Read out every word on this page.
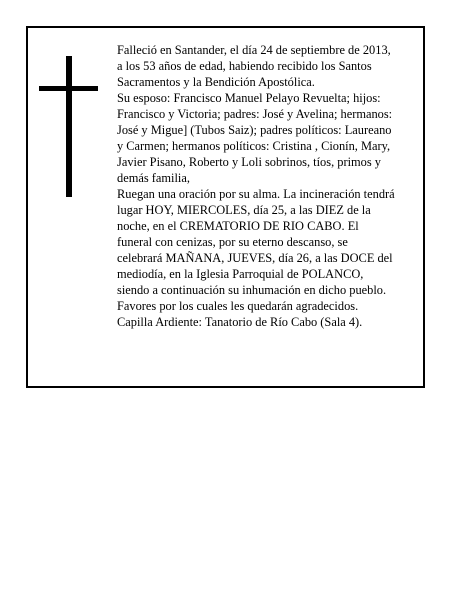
Falleció en Santander, el día 24 de septiembre de 2013,

a los 53 años de edad, habiendo recibido los Santos

Sacramentos y la Bendición Apostólica.

Su esposo: Francisco Manuel Pelayo Revuelta; hijos:

Francisco y Victoria; padres: José y Avelina; hermanos:

José y Migue] (Tubos Saiz); padres políticos: Laureano

y Carmen; hermanos políticos: Cristina , Cionín, Mary,

Javier Pisano, Roberto y Loli sobrinos, tíos, primos y

demás familia,

Ruegan una oración por su alma. La incineración tendrá

lugar HOY, MIERCOLES, día 25, a las DIEZ de la

noche, en el CREMATORIO DE RIO CABO. El

funeral con cenizas, por su eterno descanso, se

celebrará MAÑANA, JUEVES, día 26, a las DOCE del

mediodía, en la Iglesia Parroquial de POLANCO,

siendo a continuación su inhumación en dicho pueblo.

Favores por los cuales les quedarán agradecidos.

Capilla Ardiente: Tanatorio de Río Cabo (Sala 4).
